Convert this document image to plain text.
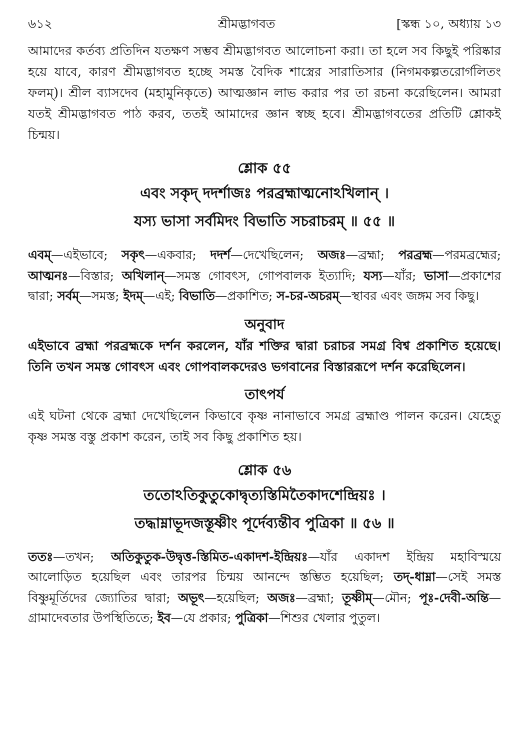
৬১২	শ্রীমদ্ভাগবত	[স্কন্ধ ১০, অধ্যায় ১৩

আমাদের কর্তব্য প্রতিদিন যতক্ষণ সম্ভব শ্রীমদ্ভাগবত আলোচনা করা। তা হলে সব কিছুই পরিষ্কার হয়ে যাবে, কারণ শ্রীমদ্ভাগবত হচ্ছে সমস্ত বৈদিক শাস্ত্রের সারাতিসার (নিগমকল্পতরোর্গলিতং ফলম্)। শ্রীল ব্যাসদেব (মহামুনিকৃতে) আত্মজ্ঞান লাভ করার পর তা রচনা করেছিলেন। আমরা যতই শ্রীমদ্ভাগবত পাঠ করব, ততই আমাদের জ্ঞান স্বচ্ছ হবে। শ্রীমদ্ভাগবতের প্রতিটি শ্লোকই চিন্ময়।

শ্লোক ৫৫
এবং সকৃদ্ দদর্শাজঃ পরব্রহ্মাত্মনোঽখিলান্ ।
যস্য ভাসা সর্বমিদং বিভাতি সচরাচরম্ ॥ ৫৫ ॥

এবম্—এইভাবে; সকৃৎ—একবার; দদর্শ—দেখেছিলেন; অজঃ—ব্রহ্মা; পরব্রহ্ম—পরমব্রহ্মের; আত্মনঃ—বিস্তার; অখিলান্—সমস্ত গোবৎস, গোপবালক ইত্যাদি; যস্য—যাঁর; ভাসা—প্রকাশের দ্বারা; সর্বম্—সমস্ত; ইদম্—এই; বিভাতি—প্রকাশিত; স-চর-অচরম্—স্থাবর এবং জঙ্গম সব কিছু।

অনুবাদ

এইভাবে ব্রহ্মা পরব্রহ্মকে দর্শন করলেন, যাঁর শক্তির দ্বারা চরাচর সমগ্র বিশ্ব প্রকাশিত হয়েছে। তিনি তখন সমস্ত গোবৎস এবং গোপবালকদেরও ভগবানের বিস্তাররূপে দর্শন করেছিলেন।

তাৎপর্য

এই ঘটনা থেকে ব্রহ্মা দেখেছিলেন কিভাবে কৃষ্ণ নানাভাবে সমগ্র ব্রহ্মাণ্ড পালন করেন। যেহেতু কৃষ্ণ সমস্ত বস্তু প্রকাশ করেন, তাই সব কিছু প্রকাশিত হয়।

শ্লোক ৫৬
ততোঽতিকুতুকোদ্বৃত্যস্তিমিতৈকাদশেন্দ্রিয়ঃ ।
তদ্ধাম্নাভূদজস্তূষ্ণীং পূর্দেব্যন্তীব পুত্রিকা ॥ ৫৬ ॥

ততঃ—তখন; অতিকুতুক-উদ্বৃত্ত-স্তিমিত-একাদশ-ইন্দ্রিয়ঃ—যাঁর একাদশ ইন্দ্রিয় মহাবিস্ময়ে আলোড়িত হয়েছিল এবং তারপর চিন্ময় আনন্দে স্তম্ভিত হয়েছিল; তদ্-ধাম্না—সেই সমস্ত বিষ্ণুমূর্তিদের জ্যোতির দ্বারা; অভূৎ—হয়েছিল; অজঃ—ব্রহ্মা; তূষ্ণীম্—মৌন; পূঃ-দেবী-অন্তি—গ্রামাদেবতার উপস্থিতিতে; ইব—যে প্রকার; পুত্রিকা—শিশুর খেলার পুতুল।
